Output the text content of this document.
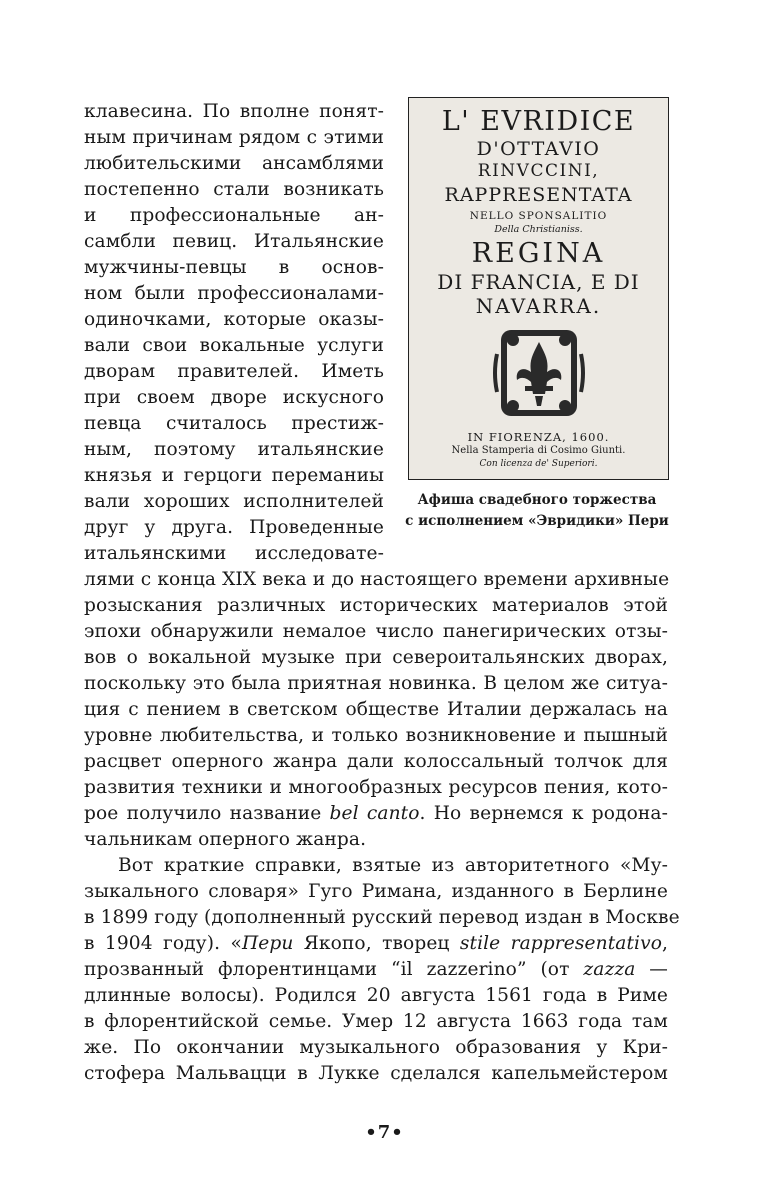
L' EVRIDICE
D'OTTAVIO
RINVCCINI,
RAPPRESENTATA
NELLO SPONSALITIO
Della Christianiss.
REGINA
DI FRANCIA, E DI
NAVARRA.
IN FIORENZA, 1600.
Nella Stamperia di Cosimo Giunti.
Con licenza de' Superiori.
Афиша свадебного торжества
с исполнением «Эвридики» Пери
клавесина. По вполне понят-
ным причинам рядом с этими
любительскими ансамблями
постепенно стали возникать
и профессиональные ан-
самбли певиц. Итальянские
мужчины-певцы в основ-
ном были профессионалами-
одиночками, которые оказы-
вали свои вокальные услуги
дворам правителей. Иметь
при своем дворе искусного
певца считалось престиж-
ным, поэтому итальянские
князья и герцоги переманиы
вали хороших исполнителей
друг у друга. Проведенные
итальянскими исследовате-
лями с конца XIX века и до настоящего времени архивные
розыскания различных исторических материалов этой
эпохи обнаружили немалое число панегирических отзы-
вов о вокальной музыке при североитальянских дворах,
поскольку это была приятная новинка. В целом же ситуа-
ция с пением в светском обществе Италии держалась на
уровне любительства, и только возникновение и пышный
расцвет оперного жанра дали колоссальный толчок для
развития техники и многообразных ресурсов пения, кото-
рое получило название bel canto. Но вернемся к родона-
чальникам оперного жанра.
Вот краткие справки, взятые из авторитетного «Му-
зыкального словаря» Гуго Римана, изданного в Берлине
в 1899 году (дополненный русский перевод издан в Москве
в 1904 году). «Пери Якопо, творец stile rappresentativo,
прозванный флорентинцами “il zazzerino” (от zazza —
длинные волосы). Родился 20 августа 1561 года в Риме
в флорентийской семье. Умер 12 августа 1663 года там
же. По окончании музыкального образования у Кри-
стофера Мальвацци в Лукке сделался капельмейстером
•7•
